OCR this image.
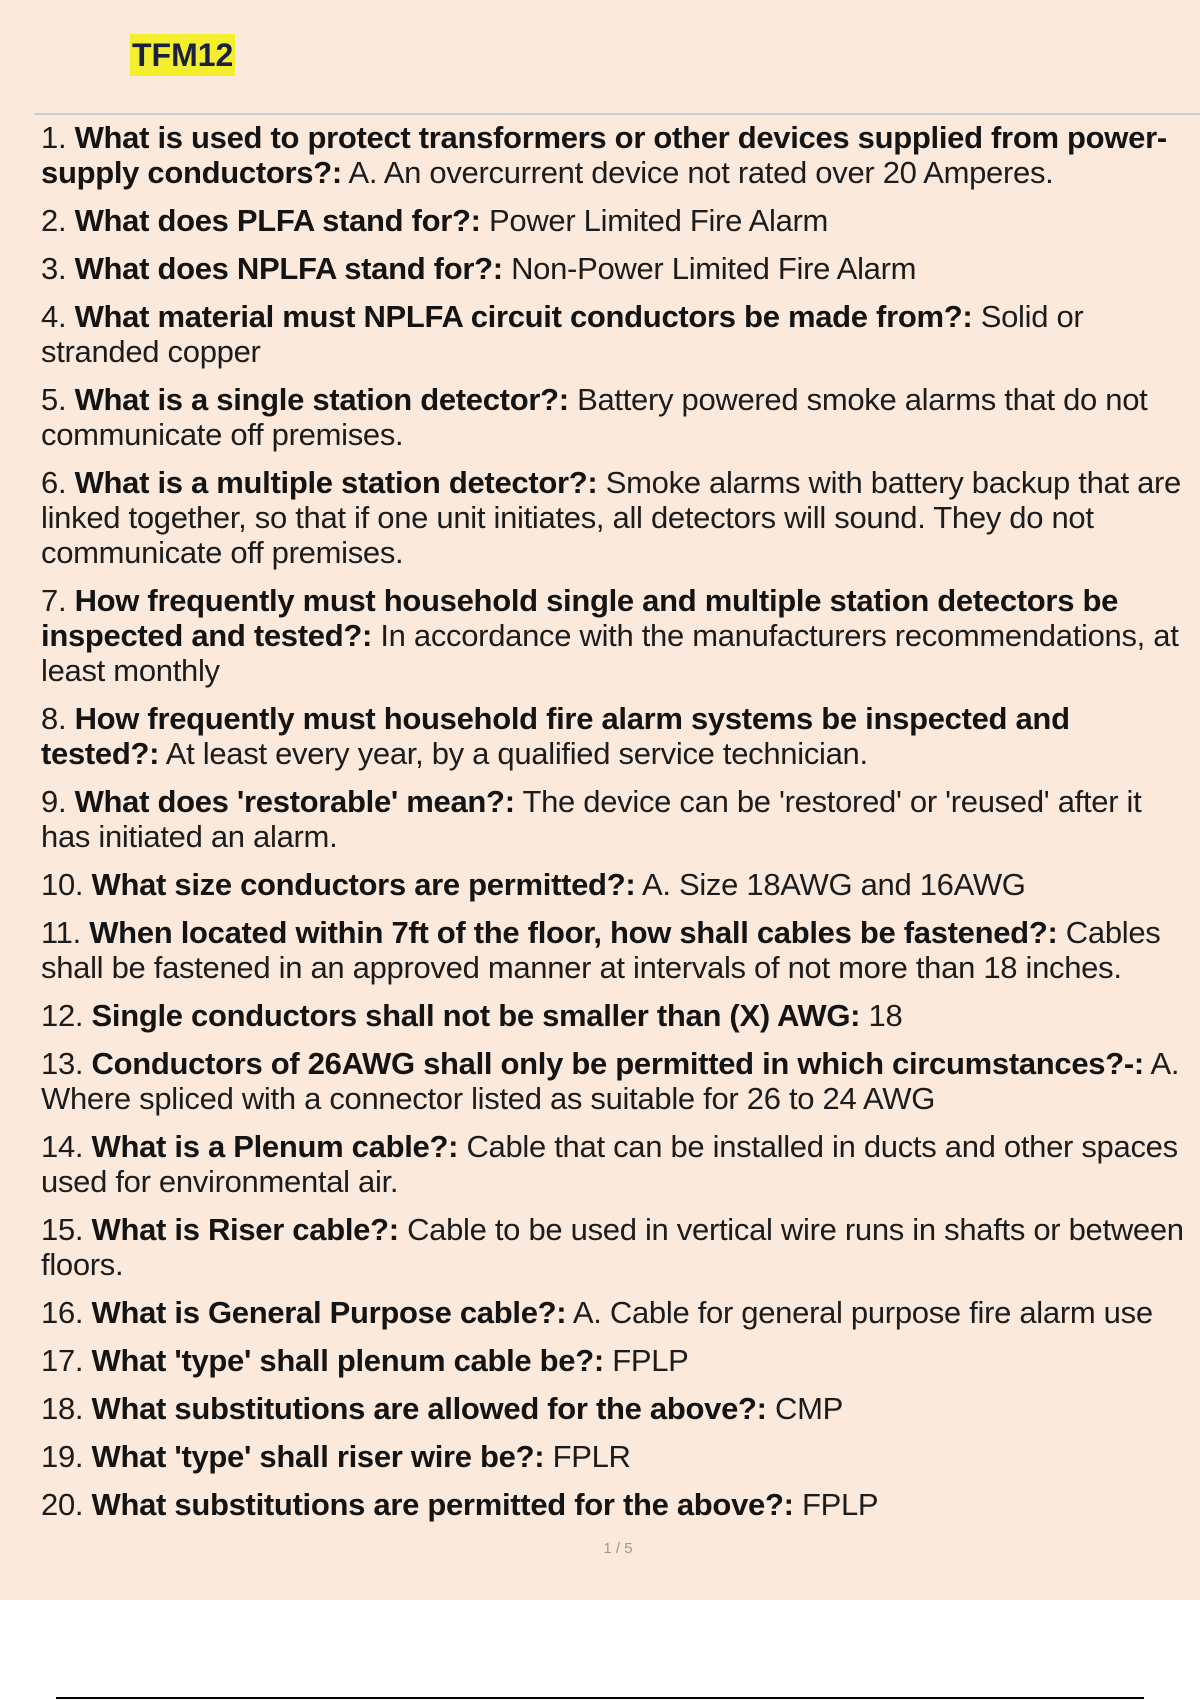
TFM12
1. What is used to protect transformers or other devices supplied from power-supply conductors?: A. An overcurrent device not rated over 20 Amperes.
2. What does PLFA stand for?: Power Limited Fire Alarm
3. What does NPLFA stand for?: Non-Power Limited Fire Alarm
4. What material must NPLFA circuit conductors be made from?: Solid or stranded copper
5. What is a single station detector?: Battery powered smoke alarms that do not communicate off premises.
6. What is a multiple station detector?: Smoke alarms with battery backup that are linked together, so that if one unit initiates, all detectors will sound. They do not communicate off premises.
7. How frequently must household single and multiple station detectors be inspected and tested?: In accordance with the manufacturers recommendations, at least monthly
8. How frequently must household fire alarm systems be inspected and tested?: At least every year, by a qualified service technician.
9. What does 'restorable' mean?: The device can be 'restored' or 'reused' after it has initiated an alarm.
10. What size conductors are permitted?: A. Size 18AWG and 16AWG
11. When located within 7ft of the floor, how shall cables be fastened?: Cables shall be fastened in an approved manner at intervals of not more than 18 inches.
12. Single conductors shall not be smaller than (X) AWG: 18
13. Conductors of 26AWG shall only be permitted in which circumstances?-: A. Where spliced with a connector listed as suitable for 26 to 24 AWG
14. What is a Plenum cable?: Cable that can be installed in ducts and other spaces used for environmental air.
15. What is Riser cable?: Cable to be used in vertical wire runs in shafts or between floors.
16. What is General Purpose cable?: A. Cable for general purpose fire alarm use
17. What 'type' shall plenum cable be?: FPLP
18. What substitutions are allowed for the above?: CMP
19. What 'type' shall riser wire be?: FPLR
20. What substitutions are permitted for the above?: FPLP
1 / 5
